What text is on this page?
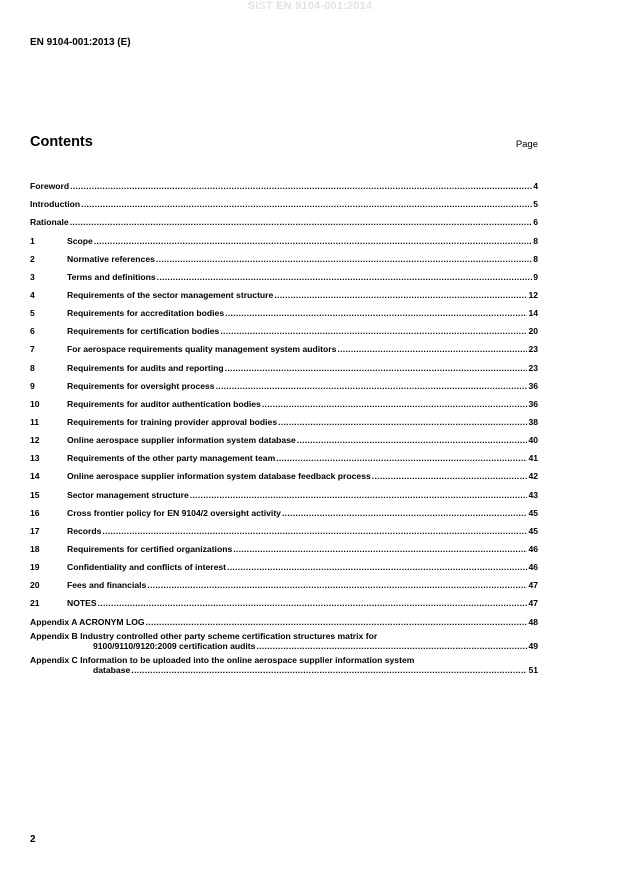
SIST EN 9104-001:2014
EN 9104-001:2013 (E)
Contents	Page
Foreword .....	4
Introduction .....	5
Rationale .....	6
1	Scope .....	8
2	Normative references .....	8
3	Terms and definitions .....	9
4	Requirements of the sector management structure .....	12
5	Requirements for accreditation bodies .....	14
6	Requirements for certification bodies .....	20
7	For aerospace requirements quality management system auditors .....	23
8	Requirements for audits and reporting .....	23
9	Requirements for oversight process .....	36
10	Requirements for auditor authentication bodies .....	36
11	Requirements for training provider approval bodies .....	38
12	Online aerospace supplier information system database .....	40
13	Requirements of the other party management team .....	41
14	Online aerospace supplier information system database feedback process .....	42
15	Sector management structure .....	43
16	Cross frontier policy for EN 9104/2 oversight activity .....	45
17	Records .....	45
18	Requirements for certified organizations .....	46
19	Confidentiality and conflicts of interest .....	46
20	Fees and financials .....	47
21	NOTES .....	47
Appendix A ACRONYM LOG .....	48
Appendix B Industry controlled other party scheme certification structures matrix for
9100/9110/9120:2009 certification audits .....	49
Appendix C Information to be uploaded into the online aerospace supplier information system
database .....	51
2
